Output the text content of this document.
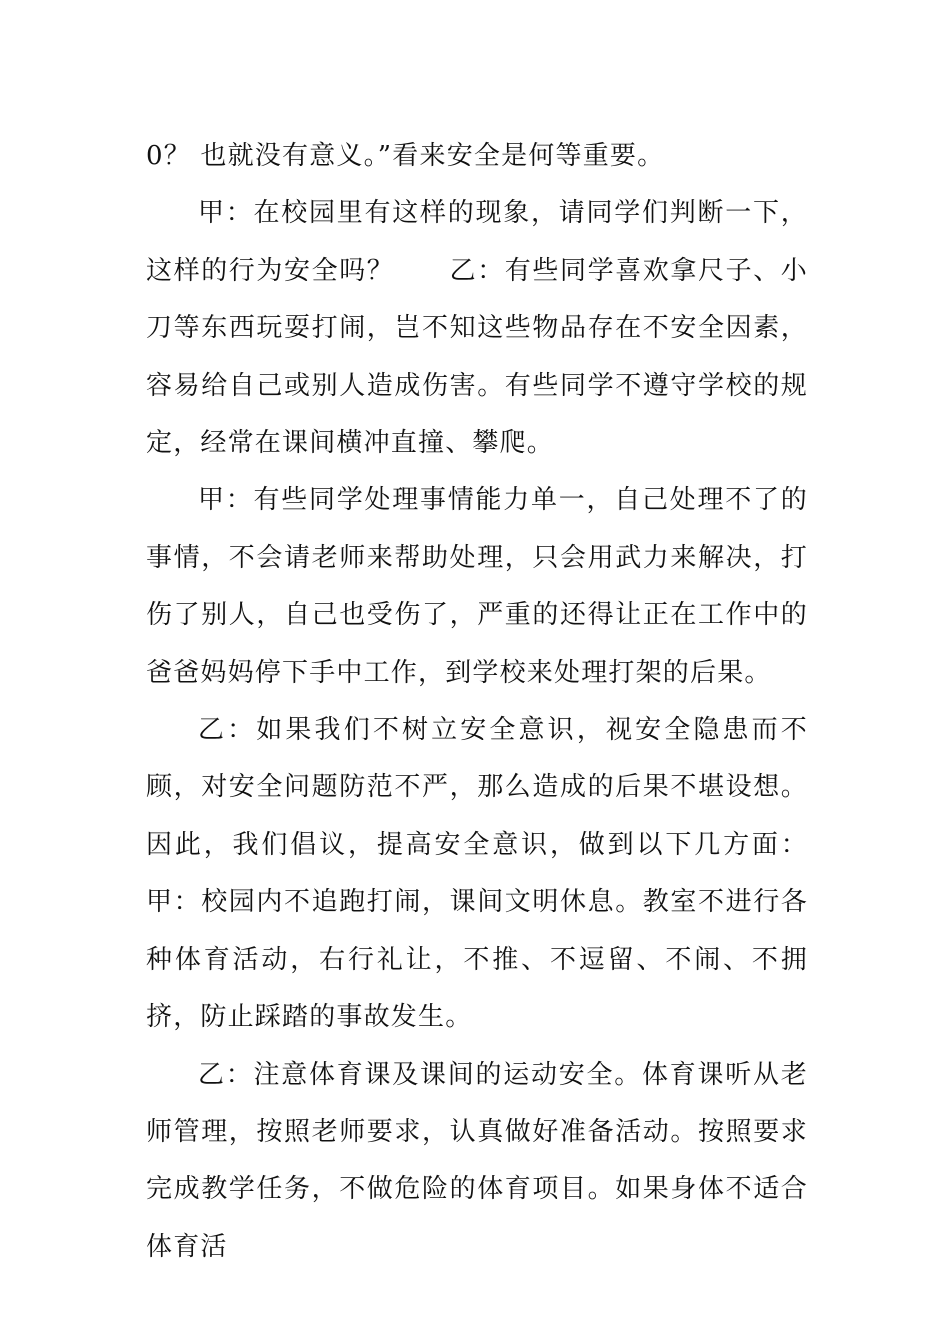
0？ 也就没有意义。”看来安全是何等重要。

甲：在校园里有这样的现象，请同学们判断一下，这样的行为安全吗？　　乙：有些同学喜欢拿尺子、小刀等东西玩耍打闹，岂不知这些物品存在不安全因素，容易给自己或别人造成伤害。有些同学不遵守学校的规定，经常在课间横冲直撞、攀爬。

甲：有些同学处理事情能力单一，自己处理不了的事情，不会请老师来帮助处理，只会用武力来解决，打伤了别人，自己也受伤了，严重的还得让正在工作中的爸爸妈妈停下手中工作，到学校来处理打架的后果。

乙：如果我们不树立安全意识，视安全隐患而不顾，对安全问题防范不严，那么造成的后果不堪设想。因此，我们倡议，提高安全意识，做到以下几方面：甲：校园内不追跑打闹，课间文明休息。教室不进行各种体育活动，右行礼让，不推、不逗留、不闹、不拥挤，防止踩踏的事故发生。

乙：注意体育课及课间的运动安全。体育课听从老师管理，按照老师要求，认真做好准备活动。按照要求完成教学任务，不做危险的体育项目。如果身体不适合体育活
